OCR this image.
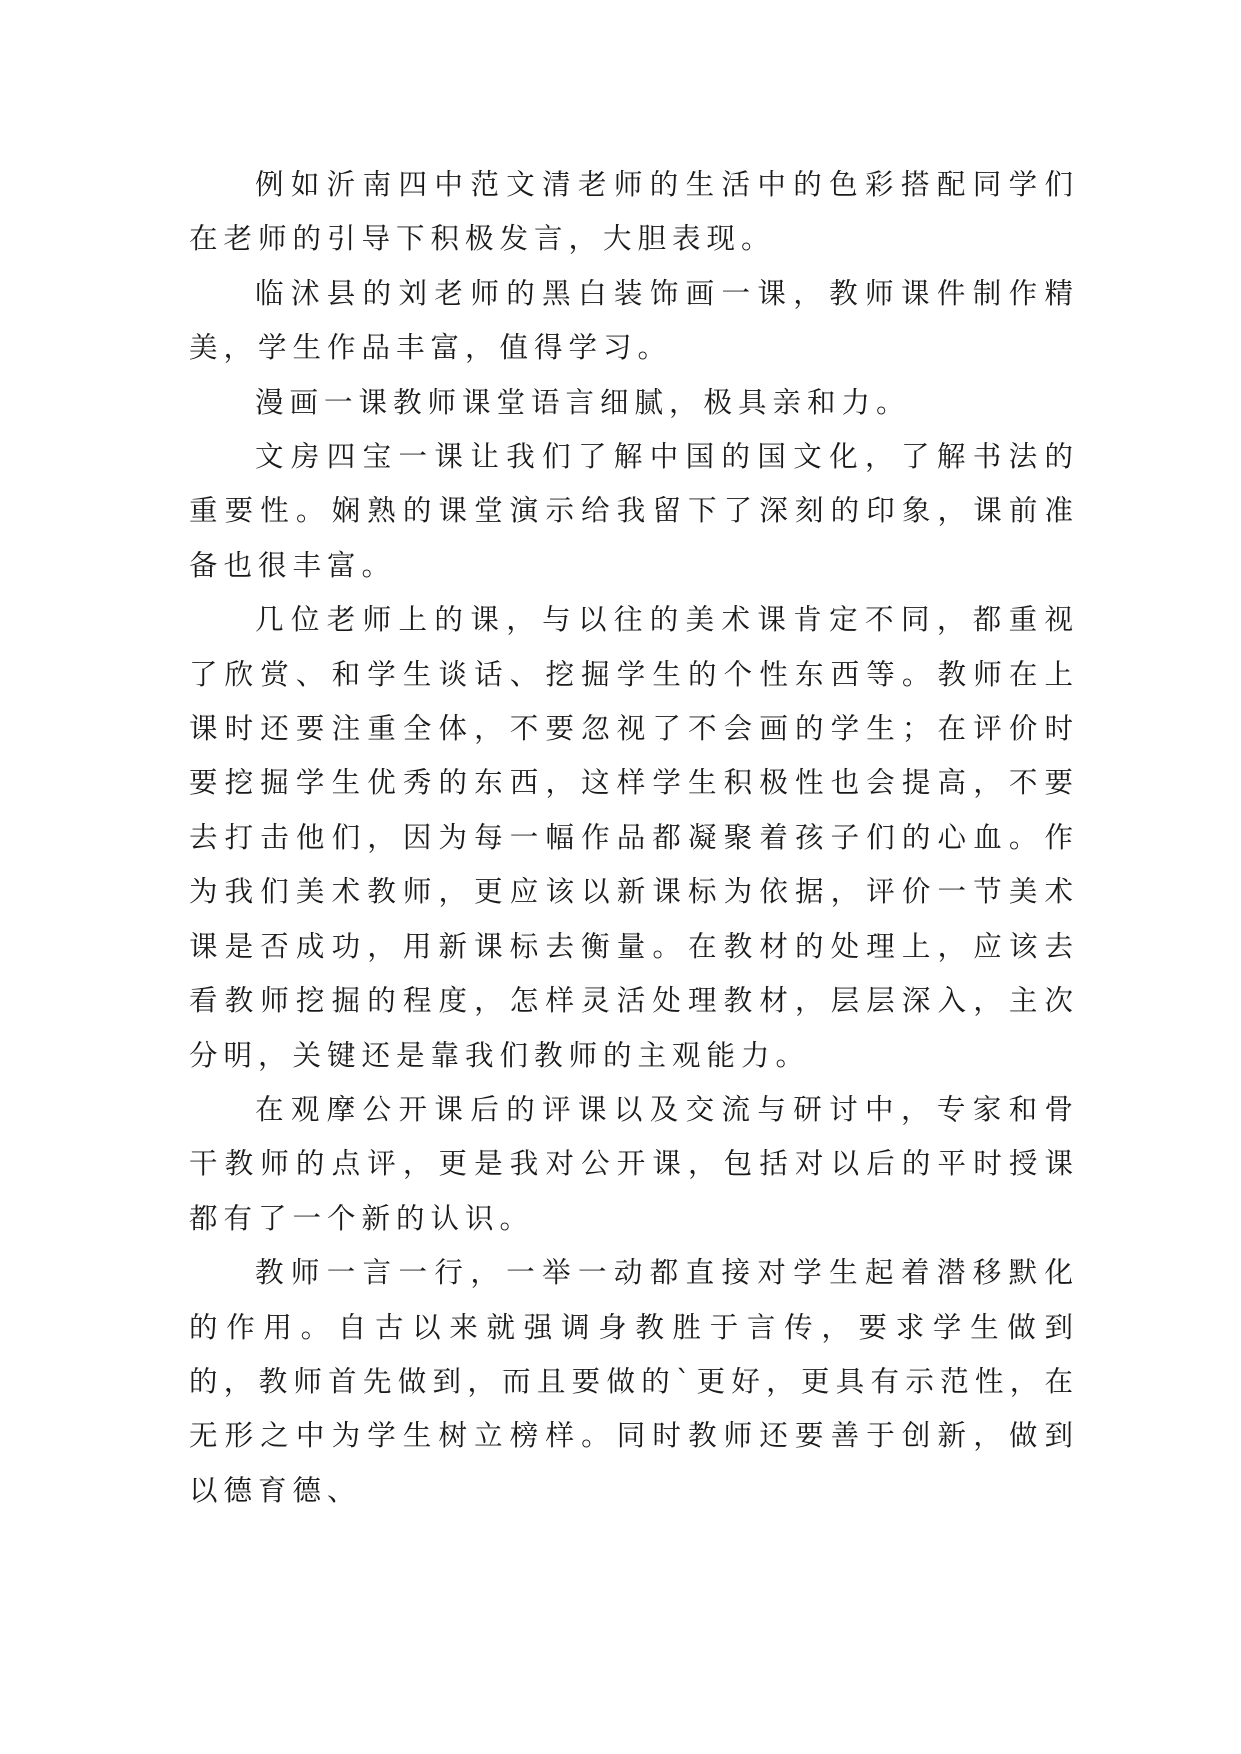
例如沂南四中范文清老师的生活中的色彩搭配同学们在老师的引导下积极发言，大胆表现。

临沭县的刘老师的黑白装饰画一课，教师课件制作精美，学生作品丰富，值得学习。

漫画一课教师课堂语言细腻，极具亲和力。

文房四宝一课让我们了解中国的国文化，了解书法的重要性。娴熟的课堂演示给我留下了深刻的印象，课前准备也很丰富。

几位老师上的课，与以往的美术课肯定不同，都重视了欣赏、和学生谈话、挖掘学生的个性东西等。教师在上课时还要注重全体，不要忽视了不会画的学生；在评价时要挖掘学生优秀的东西，这样学生积极性也会提高，不要去打击他们，因为每一幅作品都凝聚着孩子们的心血。作为我们美术教师，更应该以新课标为依据，评价一节美术课是否成功，用新课标去衡量。在教材的处理上，应该去看教师挖掘的程度，怎样灵活处理教材，层层深入，主次分明，关键还是靠我们教师的主观能力。

在观摩公开课后的评课以及交流与研讨中，专家和骨干教师的点评，更是我对公开课，包括对以后的平时授课都有了一个新的认识。

教师一言一行，一举一动都直接对学生起着潜移默化的作用。自古以来就强调身教胜于言传，要求学生做到的，教师首先做到，而且要做的`更好，更具有示范性，在无形之中为学生树立榜样。同时教师还要善于创新，做到以德育德、
